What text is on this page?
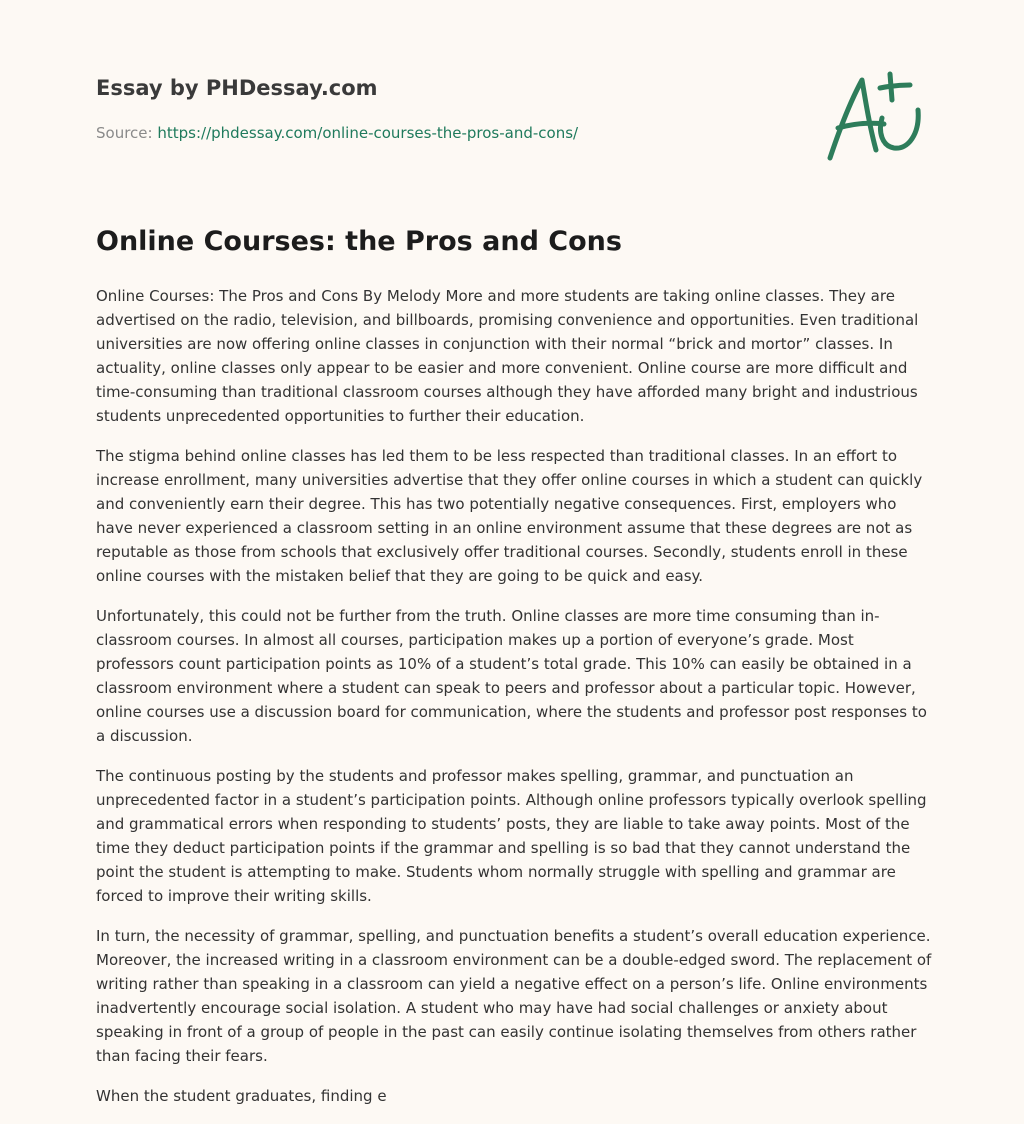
Essay by PHDessay.com
Source: https://phdessay.com/online-courses-the-pros-and-cons/
Online Courses: the Pros and Cons

Online Courses: The Pros and Cons By Melody More and more students are taking online classes. They are advertised on the radio, television, and billboards, promising convenience and opportunities. Even traditional universities are now offering online classes in conjunction with their normal “brick and mortor” classes. In actuality, online classes only appear to be easier and more convenient. Online course are more difficult and time-consuming than traditional classroom courses although they have afforded many bright and industrious students unprecedented opportunities to further their education.

The stigma behind online classes has led them to be less respected than traditional classes. In an effort to increase enrollment, many universities advertise that they offer online courses in which a student can quickly and conveniently earn their degree. This has two potentially negative consequences. First, employers who have never experienced a classroom setting in an online environment assume that these degrees are not as reputable as those from schools that exclusively offer traditional courses. Secondly, students enroll in these online courses with the mistaken belief that they are going to be quick and easy.

Unfortunately, this could not be further from the truth. Online classes are more time consuming than in-classroom courses. In almost all courses, participation makes up a portion of everyone’s grade. Most professors count participation points as 10% of a student’s total grade. This 10% can easily be obtained in a classroom environment where a student can speak to peers and professor about a particular topic. However, online courses use a discussion board for communication, where the students and professor post responses to a discussion.

The continuous posting by the students and professor makes spelling, grammar, and punctuation an unprecedented factor in a student’s participation points. Although online professors typically overlook spelling and grammatical errors when responding to students’ posts, they are liable to take away points. Most of the time they deduct participation points if the grammar and spelling is so bad that they cannot understand the point the student is attempting to make. Students whom normally struggle with spelling and grammar are forced to improve their writing skills.

In turn, the necessity of grammar, spelling, and punctuation benefits a student’s overall education experience. Moreover, the increased writing in a classroom environment can be a double-edged sword. The replacement of writing rather than speaking in a classroom can yield a negative effect on a person’s life. Online environments inadvertently encourage social isolation. A student who may have had social challenges or anxiety about speaking in front of a group of people in the past can easily continue isolating themselves from others rather than facing their fears.

When the student graduates, finding e
